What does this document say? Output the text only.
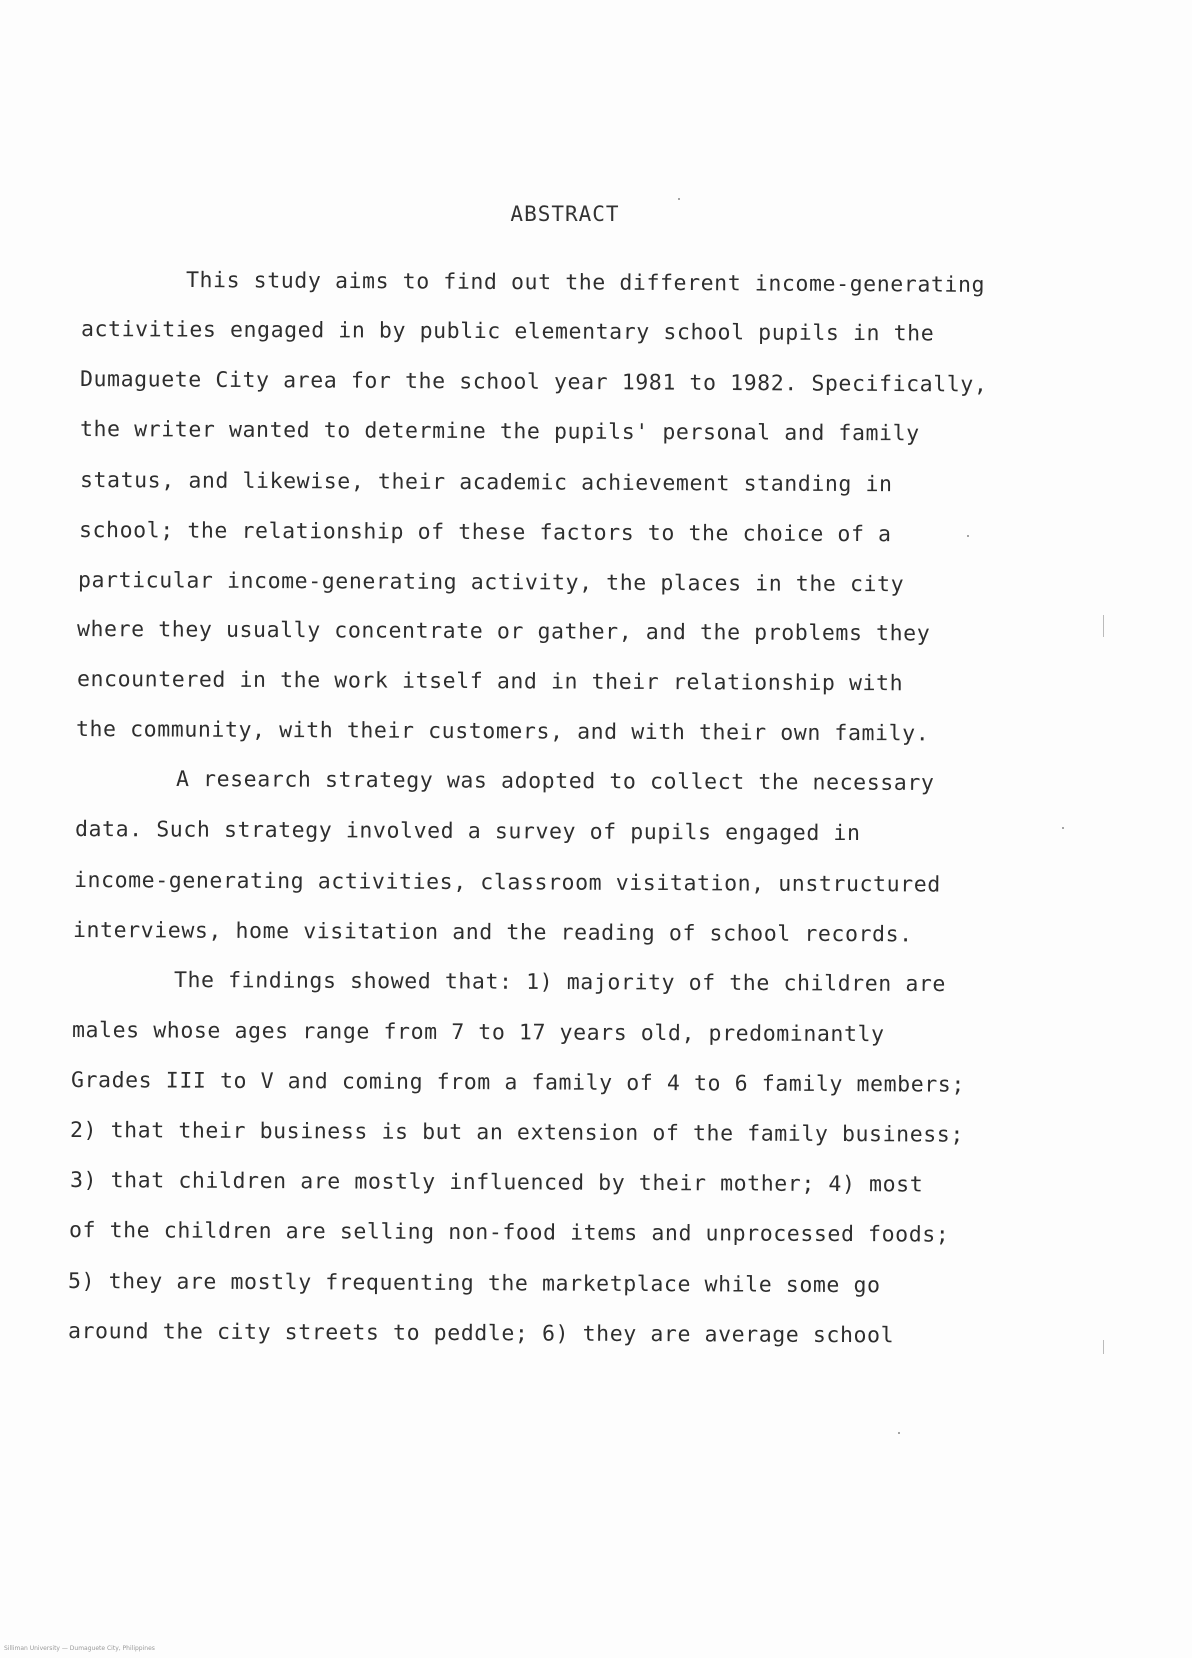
ABSTRACT
This study aims to find out the different income-generating
activities engaged in by public elementary school pupils in the
Dumaguete City area for the school year 1981 to 1982. Specifically,
the writer wanted to determine the pupils' personal and family
status, and likewise, their academic achievement standing in
school; the relationship of these factors to the choice of a
particular income-generating activity, the places in the city
where they usually concentrate or gather, and the problems they
encountered in the work itself and in their relationship with
the community, with their customers, and with their own family.
A research strategy was adopted to collect the necessary
data. Such strategy involved a survey of pupils engaged in
income-generating activities, classroom visitation, unstructured
interviews, home visitation and the reading of school records.
The findings showed that: 1) majority of the children are
males whose ages range from 7 to 17 years old, predominantly
Grades III to V and coming from a family of 4 to 6 family members;
2) that their business is but an extension of the family business;
3) that children are mostly influenced by their mother; 4) most
of the children are selling non-food items and unprocessed foods;
5) they are mostly frequenting the marketplace while some go
around the city streets to peddle; 6) they are average school
Silliman University — Dumaguete City, Philippines
